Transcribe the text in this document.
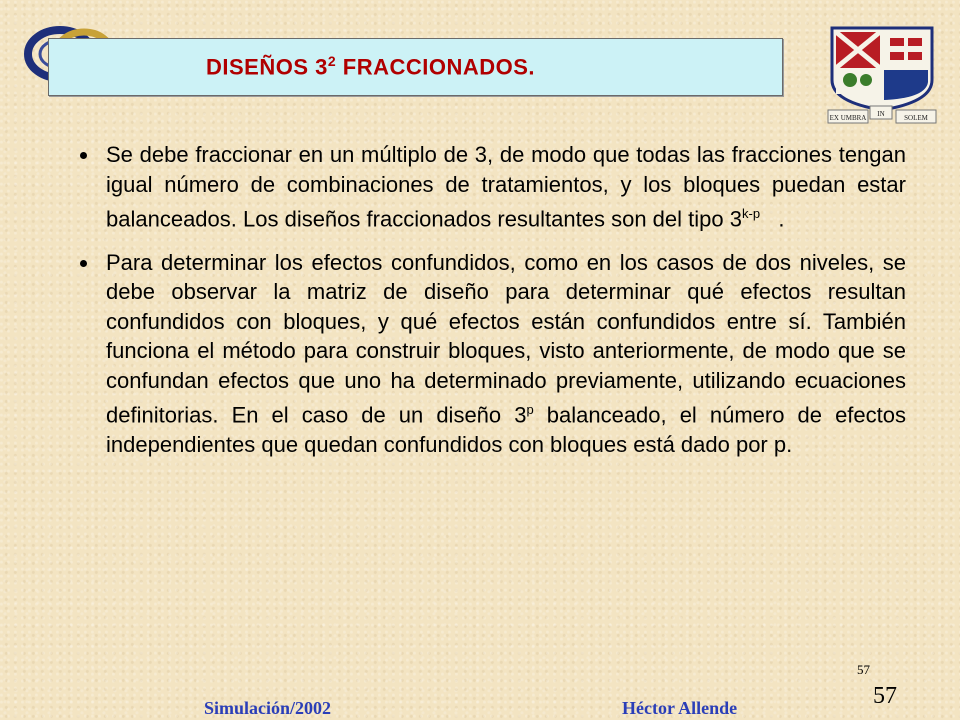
DISEÑOS $3^2$ FRACCIONADOS.
EX UMBRA IN	SOLEM
Se debe fraccionar en un múltiplo de 3, de modo que todas las fracciones tengan igual número de combinaciones de tratamientos, y los bloques puedan estar balanceados. Los diseños fraccionados resultantes son del tipo 3$^{k-p}$   .
Para determinar los efectos confundidos, como en los casos de dos niveles, se debe observar la matriz de diseño para determinar qué efectos resultan confundidos con bloques, y qué efectos están confundidos entre sí. También funciona el método para construir bloques, visto anteriormente, de modo que se confundan efectos que uno ha determinado previamente, utilizando ecuaciones definitorias. En el caso de un diseño 3$^p$ balanceado, el número de efectos independientes que quedan confundidos con bloques está dado por p.
57
57
Simulación/2002	Héctor Allende
